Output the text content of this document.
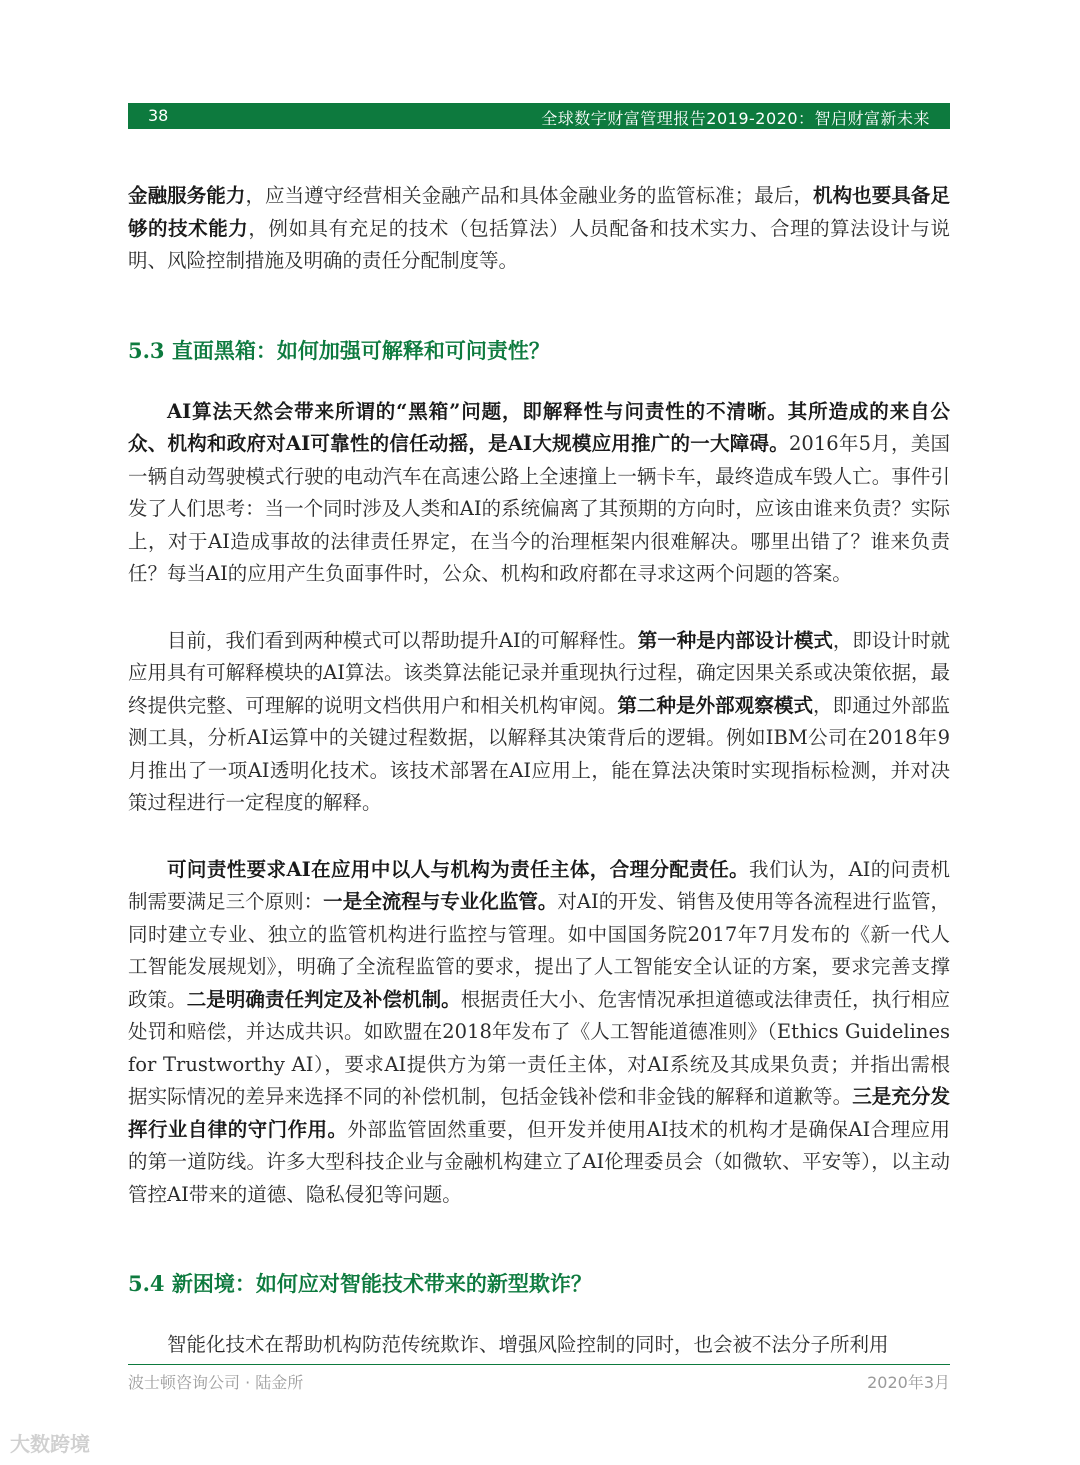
38	全球数字财富管理报告2019-2020：智启财富新未来

金融服务能力，应当遵守经营相关金融产品和具体金融业务的监管标准；最后，机构也要具备足够的技术能力，例如具有充足的技术（包括算法）人员配备和技术实力、合理的算法设计与说明、风险控制措施及明确的责任分配制度等。

5.3 直面黑箱：如何加强可解释和可问责性？

AI算法天然会带来所谓的“黑箱”问题，即解释性与问责性的不清晰。其所造成的来自公众、机构和政府对AI可靠性的信任动摇，是AI大规模应用推广的一大障碍。2016年5月，美国一辆自动驾驶模式行驶的电动汽车在高速公路上全速撞上一辆卡车，最终造成车毁人亡。事件引发了人们思考：当一个同时涉及人类和AI的系统偏离了其预期的方向时，应该由谁来负责？实际上，对于AI造成事故的法律责任界定，在当今的治理框架内很难解决。哪里出错了？谁来负责任？每当AI的应用产生负面事件时，公众、机构和政府都在寻求这两个问题的答案。

目前，我们看到两种模式可以帮助提升AI的可解释性。第一种是内部设计模式，即设计时就应用具有可解释模块的AI算法。该类算法能记录并重现执行过程，确定因果关系或决策依据，最终提供完整、可理解的说明文档供用户和相关机构审阅。第二种是外部观察模式，即通过外部监测工具，分析AI运算中的关键过程数据，以解释其决策背后的逻辑。例如IBM公司在2018年9月推出了一项AI透明化技术。该技术部署在AI应用上，能在算法决策时实现指标检测，并对决策过程进行一定程度的解释。

可问责性要求AI在应用中以人与机构为责任主体，合理分配责任。我们认为，AI的问责机制需要满足三个原则：一是全流程与专业化监管。对AI的开发、销售及使用等各流程进行监管，同时建立专业、独立的监管机构进行监控与管理。如中国国务院2017年7月发布的《新一代人工智能发展规划》，明确了全流程监管的要求，提出了人工智能安全认证的方案，要求完善支撑政策。二是明确责任判定及补偿机制。根据责任大小、危害情况承担道德或法律责任，执行相应处罚和赔偿，并达成共识。如欧盟在2018年发布了《人工智能道德准则》（Ethics Guidelines for Trustworthy AI），要求AI提供方为第一责任主体，对AI系统及其成果负责；并指出需根据实际情况的差异来选择不同的补偿机制，包括金钱补偿和非金钱的解释和道歉等。三是充分发挥行业自律的守门作用。外部监管固然重要，但开发并使用AI技术的机构才是确保AI合理应用的第一道防线。许多大型科技企业与金融机构建立了AI伦理委员会（如微软、平安等），以主动管控AI带来的道德、隐私侵犯等问题。

5.4 新困境：如何应对智能技术带来的新型欺诈？

智能化技术在帮助机构防范传统欺诈、增强风险控制的同时，也会被不法分子所利用

波士顿咨询公司 · 陆金所	2020年3月
大数跨境
